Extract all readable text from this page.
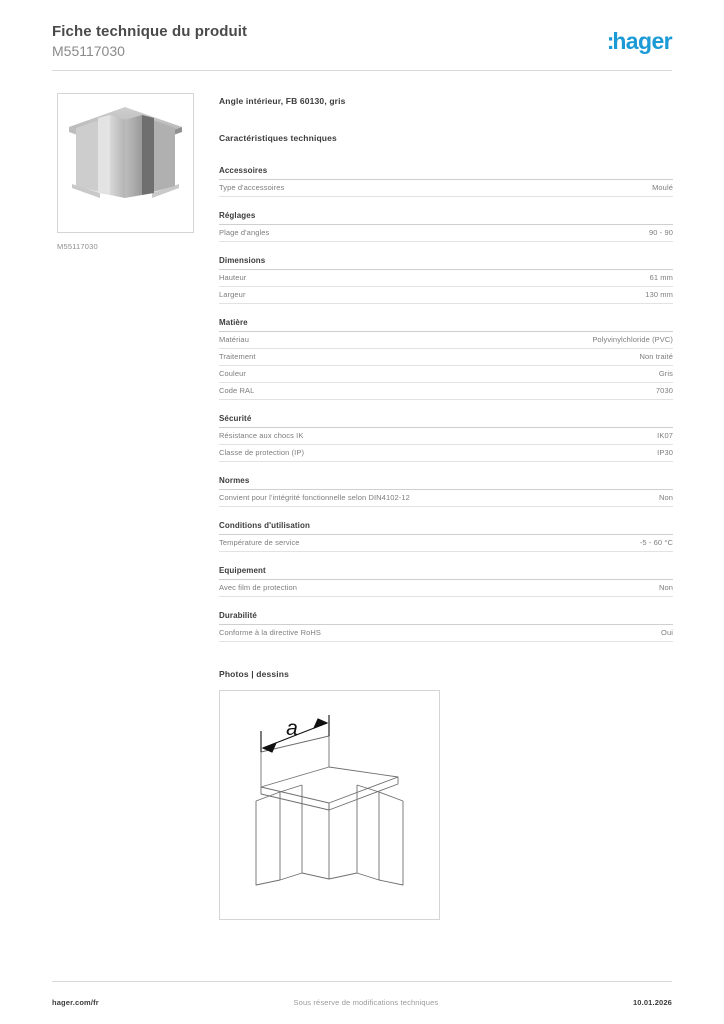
Fiche technique du produit
M55117030	:hager
M55117030
Angle intérieur, FB 60130, gris
Caractéristiques techniques
Accessoires
Type d'accessoires	Moulé
Réglages
Plage d'angles	90 - 90
Dimensions
Hauteur	61 mm
Largeur	130 mm
Matière
Matériau	Polyvinylchloride (PVC)
Traitement	Non traité
Couleur	Gris
Code RAL	7030
Sécurité
Résistance aux chocs IK	IK07
Classe de protection (IP)	IP30
Normes
Convient pour l'intégrité fonctionnelle selon DIN4102-12	Non
Conditions d'utilisation
Température de service	-5 - 60 °C
Equipement
Avec film de protection	Non
Durabilité
Conforme à la directive RoHS	Oui
Photos | dessins
a
hager.com/fr	Sous réserve de modifications techniques	10.01.2026
